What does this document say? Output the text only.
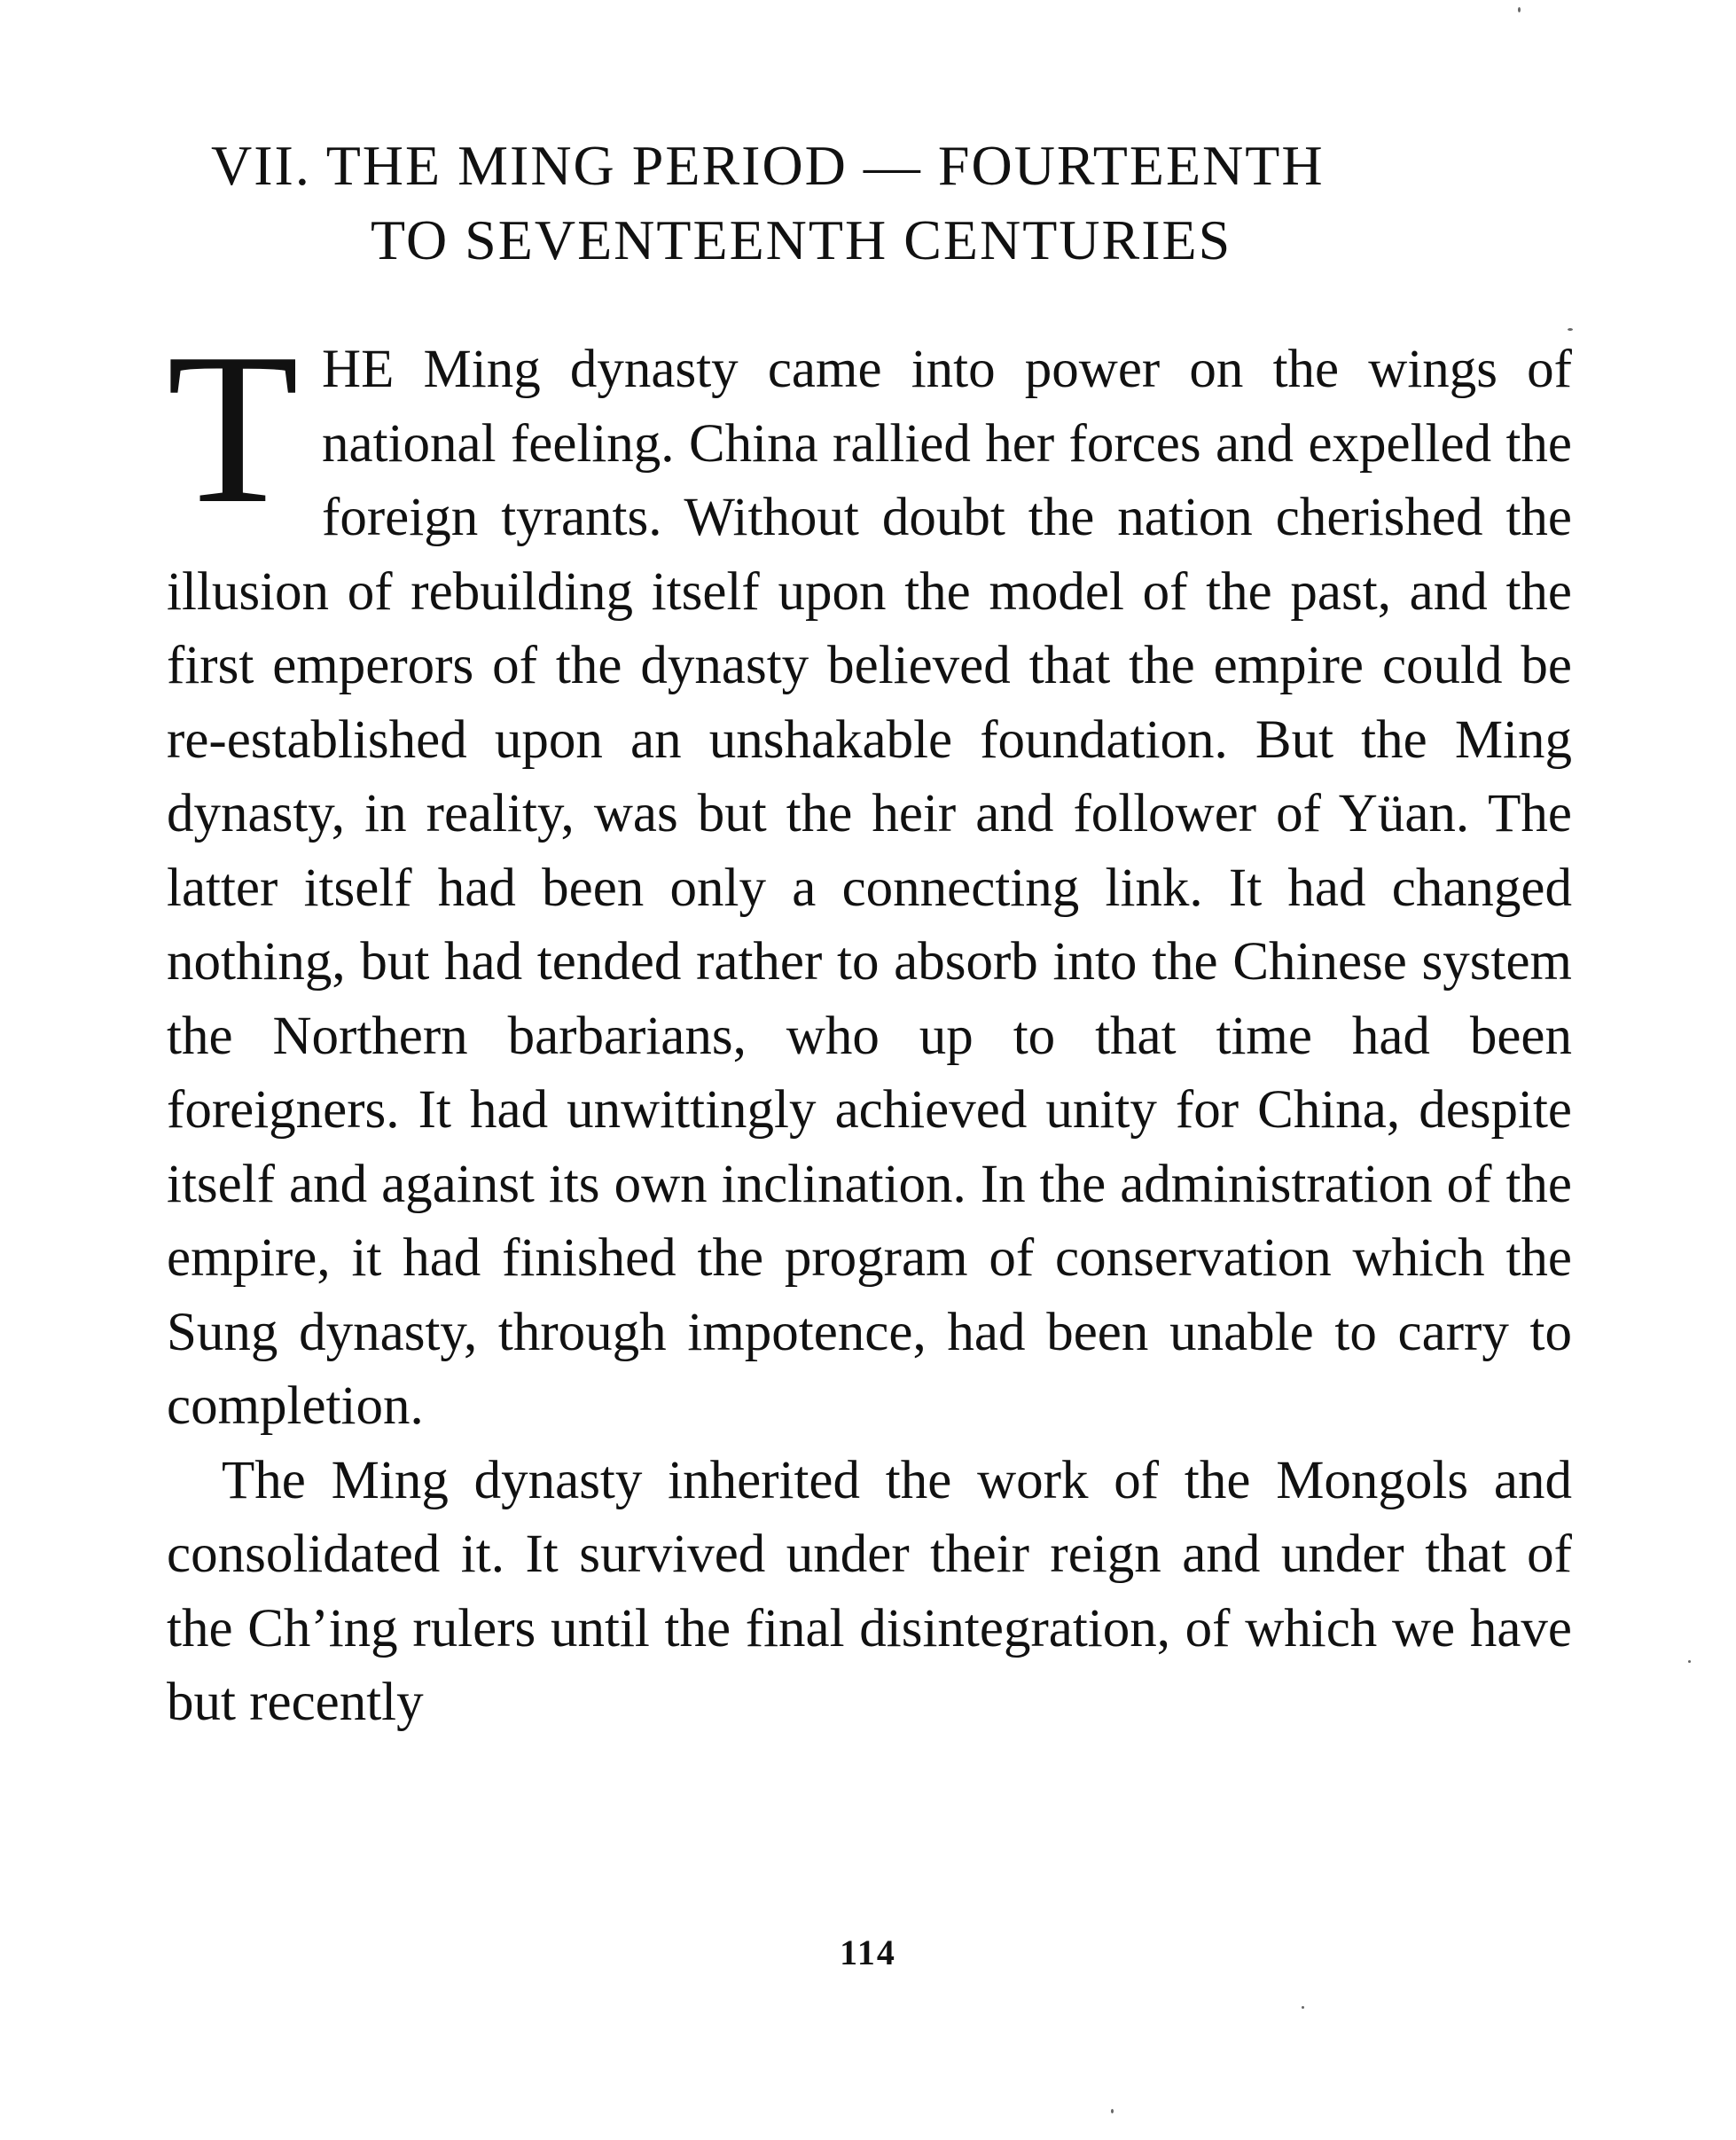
VII. THE MING PERIOD — FOURTEENTH
TO SEVENTEENTH CENTURIES

THE Ming dynasty came into power on the wings of national feeling. China rallied her forces and expelled the foreign tyrants. Without doubt the nation cherished the illusion of rebuilding itself upon the model of the past, and the first emperors of the dynasty believed that the empire could be re-established upon an unshakable foundation. But the Ming dynasty, in reality, was but the heir and follower of Yüan. The latter itself had been only a connecting link. It had changed nothing, but had tended rather to absorb into the Chinese system the Northern barbarians, who up to that time had been foreigners. It had unwittingly achieved unity for China, despite itself and against its own inclination. In the administration of the empire, it had finished the program of conservation which the Sung dynasty, through impotence, had been unable to carry to completion.

The Ming dynasty inherited the work of the Mongols and consolidated it. It survived under their reign and under that of the Ch’ing rulers until the final disintegration, of which we have but recently

114
